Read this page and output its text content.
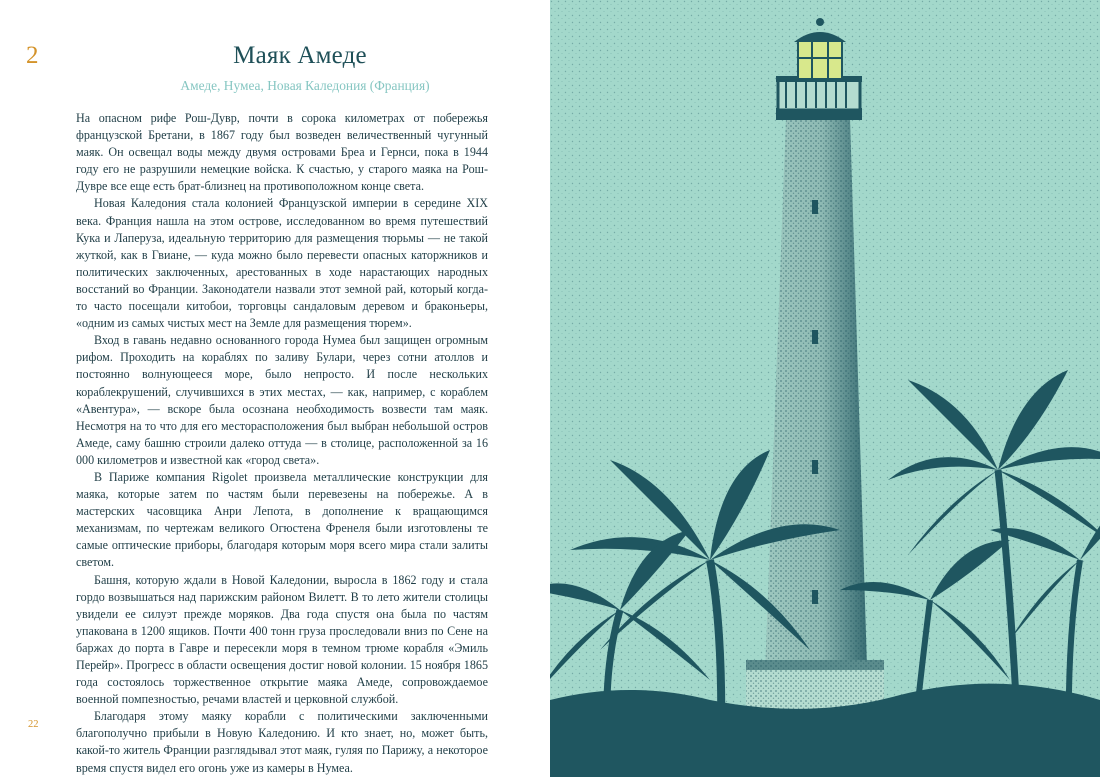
2	Маяк Амеде
Амеде, Нумеа, Новая Каледония (Франция)

На опасном рифе Рош-Дувр, почти в сорока километрах от побережья французской Бретани, в 1867 году был возведен величественный чугунный маяк. Он освещал воды между двумя островами Бреа и Гернси, пока в 1944 году его не разрушили немецкие войска. К счастью, у старого маяка на Рош-Дувре все еще есть брат-близнец на противоположном конце света.

Новая Каледония стала колонией Французской империи в середине XIX века. Франция нашла на этом острове, исследованном во время путешествий Кука и Лаперуза, идеальную территорию для размещения тюрьмы — не такой жуткой, как в Гвиане, — куда можно было перевести опасных каторжников и политических заключенных, арестованных в ходе нарастающих народных восстаний во Франции. Законодатели назвали этот земной рай, который когда-то часто посещали китобои, торговцы сандаловым деревом и браконьеры, «одним из самых чистых мест на Земле для размещения тюрем».

Вход в гавань недавно основанного города Нумеа был защищен огромным рифом. Проходить на кораблях по заливу Булари, через сотни атоллов и постоянно волнующееся море, было непросто. И после нескольких кораблекрушений, случившихся в этих местах, — как, например, с кораблем «Авентура», — вскоре была осознана необходимость возвести там маяк. Несмотря на то что для его месторасположения был выбран небольшой остров Амеде, саму башню строили далеко оттуда — в столице, расположенной за 16 000 километров и известной как «город света».

В Париже компания Rigolet произвела металлические конструкции для маяка, которые затем по частям были перевезены на побережье. А в мастерских часовщика Анри Лепота, в дополнение к вращающимся механизмам, по чертежам великого Огюстена Френеля были изготовлены те самые оптические приборы, благодаря которым моря всего мира стали залиты светом.

Башня, которую ждали в Новой Каледонии, выросла в 1862 году и стала гордо возвышаться над парижским районом Вилетт. В то лето жители столицы увидели ее силуэт прежде моряков. Два года спустя она была по частям упакована в 1200 ящиков. Почти 400 тонн груза проследовали вниз по Сене на баржах до порта в Гавре и пересекли моря в темном трюме корабля «Эмиль Перейр». Прогресс в области освещения достиг новой колонии. 15 ноября 1865 года состоялось торжественное открытие маяка Амеде, сопровождаемое военной помпезностью, речами властей и церковной службой.

Благодаря этому маяку корабли с политическими заключенными благополучно прибыли в Новую Каледонию. И кто знает, но, может быть, какой-то житель Франции разглядывал этот маяк, гуляя по Парижу, а некоторое время спустя видел его огонь уже из камеры в Нумеа.

22
